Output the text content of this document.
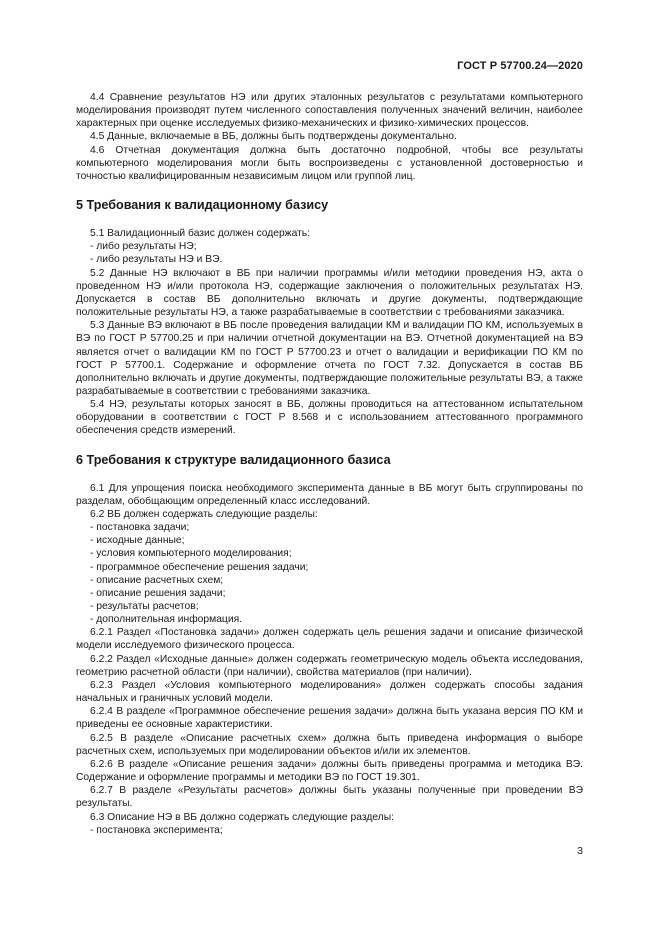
ГОСТ Р 57700.24—2020

4.4 Сравнение результатов НЭ или других эталонных результатов с результатами компьютерного моделирования производят путем численного сопоставления полученных значений величин, наиболее характерных при оценке исследуемых физико-механических и физико-химических процессов.

4.5 Данные, включаемые в ВБ, должны быть подтверждены документально.

4.6 Отчетная документация должна быть достаточно подробной, чтобы все результаты компьютерного моделирования могли быть воспроизведены с установленной достоверностью и точностью квалифицированным независимым лицом или группой лиц.

5 Требования к валидационному базису

5.1 Валидационный базис должен содержать:

- либо результаты НЭ;

- либо результаты НЭ и ВЭ.

5.2 Данные НЭ включают в ВБ при наличии программы и/или методики проведения НЭ, акта о проведенном НЭ и/или протокола НЭ, содержащие заключения о положительных результатах НЭ. Допускается в состав ВБ дополнительно включать и другие документы, подтверждающие положительные результаты НЭ, а также разрабатываемые в соответствии с требованиями заказчика.

5.3 Данные ВЭ включают в ВБ после проведения валидации КМ и валидации ПО КМ, используемых в ВЭ по ГОСТ Р 57700.25 и при наличии отчетной документации на ВЭ. Отчетной документацией на ВЭ является отчет о валидации КМ по ГОСТ Р 57700.23 и отчет о валидации и верификации ПО КМ по ГОСТ Р 57700.1. Содержание и оформление отчета по ГОСТ 7.32. Допускается в состав ВБ дополнительно включать и другие документы, подтверждающие положительные результаты ВЭ, а также разрабатываемые в соответствии с требованиями заказчика.

5.4 НЭ, результаты которых заносят в ВБ, должны проводиться на аттестованном испытательном оборудовании в соответствии с ГОСТ Р 8.568 и с использованием аттестованного программного обеспечения средств измерений.

6 Требования к структуре валидационного базиса

6.1 Для упрощения поиска необходимого эксперимента данные в ВБ могут быть сгруппированы по разделам, обобщающим определенный класс исследований.

6.2 ВБ должен содержать следующие разделы:

- постановка задачи;

- исходные данные;

- условия компьютерного моделирования;

- программное обеспечение решения задачи;

- описание расчетных схем;

- описание решения задачи;

- результаты расчетов;

- дополнительная информация.

6.2.1 Раздел «Постановка задачи» должен содержать цель решения задачи и описание физической модели исследуемого физического процесса.

6.2.2 Раздел «Исходные данные» должен содержать геометрическую модель объекта исследования, геометрию расчетной области (при наличии), свойства материалов (при наличии).

6.2.3 Раздел «Условия компьютерного моделирования» должен содержать способы задания начальных и граничных условий модели.

6.2.4 В разделе «Программное обеспечение решения задачи» должна быть указана версия ПО КМ и приведены ее основные характеристики.

6.2.5 В разделе «Описание расчетных схем» должна быть приведена информация о выборе расчетных схем, используемых при моделировании объектов и/или их элементов.

6.2.6 В разделе «Описание решения задачи» должны быть приведены программа и методика ВЭ. Содержание и оформление программы и методики ВЭ по ГОСТ 19.301.

6.2.7 В разделе «Результаты расчетов» должны быть указаны полученные при проведении ВЭ результаты.

6.3 Описание НЭ в ВБ должно содержать следующие разделы:

- постановка эксперимента;

3
